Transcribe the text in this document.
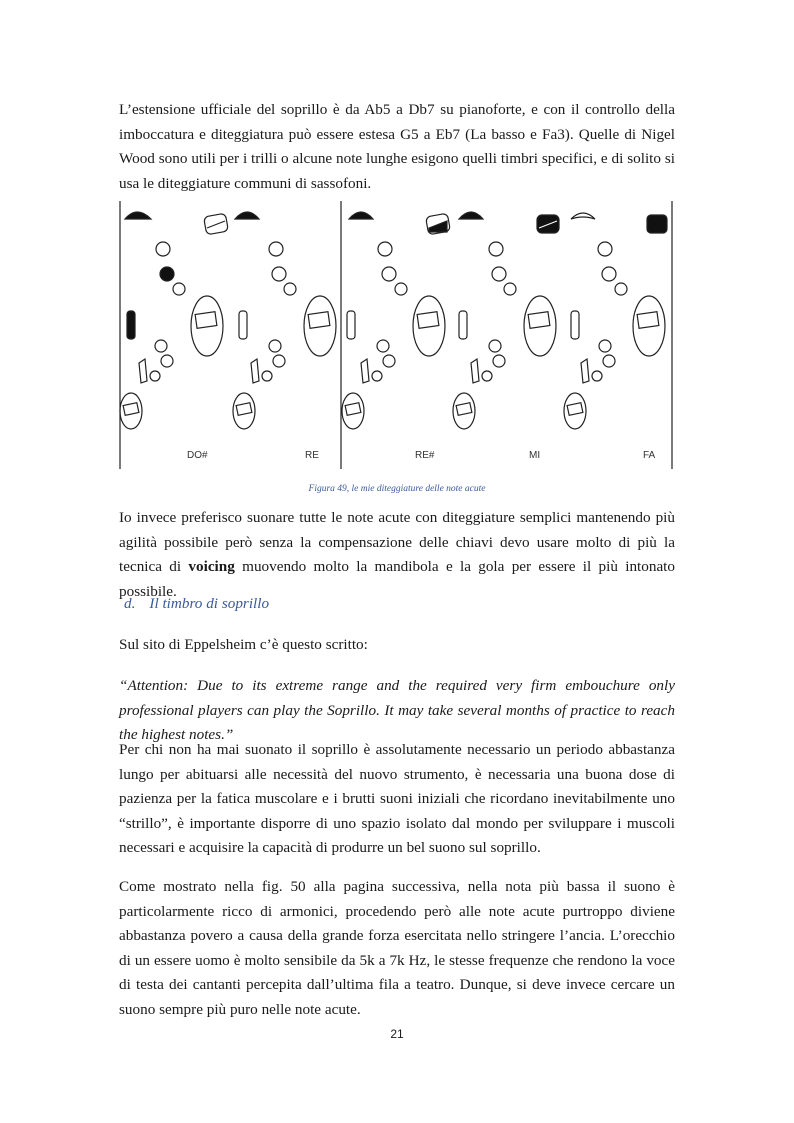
L’estensione ufficiale del soprillo è da Ab5 a Db7 su pianoforte, e con il controllo della imboccatura e diteggiatura può essere estesa G5 a Eb7 (La basso e Fa3). Quelle di Nigel Wood sono utili per i trilli o alcune note lunghe esigono quelli timbri specifici, e di solito si usa le diteggiature communi di sassofoni.

DO#	RE	RE#	MI	FA

Figura 49, le mie diteggiature delle note acute

Io invece preferisco suonare tutte le note acute con diteggiature semplici mantenendo più agilità possibile però senza la compensazione delle chiavi devo usare molto di più la tecnica di voicing muovendo molto la mandibola e la gola per essere il più intonato possibile.

d. Il timbro di soprillo

Sul sito di Eppelsheim c’è questo scritto:

“Attention: Due to its extreme range and the required very firm embouchure only professional players can play the Soprillo. It may take several months of practice to reach the highest notes.”

Per chi non ha mai suonato il soprillo è assolutamente necessario un periodo abbastanza lungo per abituarsi alle necessità del nuovo strumento, è necessaria una buona dose di pazienza per la fatica muscolare e i brutti suoni iniziali che ricordano inevitabilmente uno “strillo”, è importante disporre di uno spazio isolato dal mondo per sviluppare i muscoli necessari e acquisire la capacità di produrre un bel suono sul soprillo.

Come mostrato nella fig. 50 alla pagina successiva, nella nota più bassa il suono è particolarmente ricco di armonici, procedendo però alle note acute purtroppo diviene abbastanza povero a causa della grande forza esercitata nello stringere l’ancia. L’orecchio di un essere uomo è molto sensibile da 5k a 7k Hz, le stesse frequenze che rendono la voce di testa dei cantanti percepita dall’ultima fila a teatro. Dunque, si deve invece cercare un suono sempre più puro nelle note acute.

21
